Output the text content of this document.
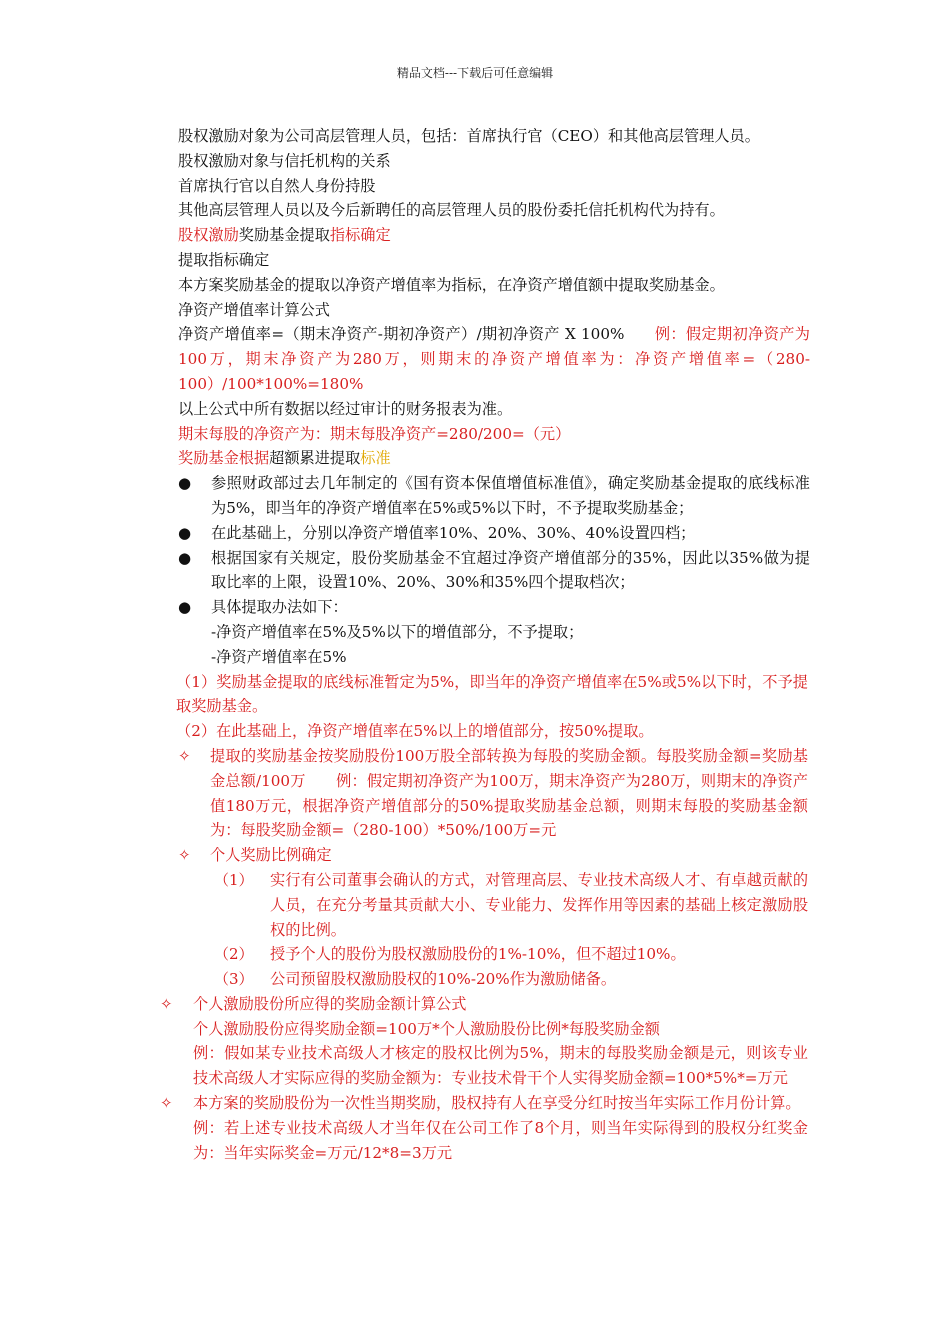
精品文档---下载后可任意编辑
股权激励对象为公司高层管理人员，包括：首席执行官（CEO）和其他高层管理人员。
股权激励对象与信托机构的关系
首席执行官以自然人身份持股
其他高层管理人员以及今后新聘任的高层管理人员的股份委托信托机构代为持有。
股权激励奖励基金提取指标确定
提取指标确定
本方案奖励基金的提取以净资产增值率为指标，在净资产增值额中提取奖励基金。
净资产增值率计算公式
净资产增值率=（期末净资产-期初净资产）/期初净资产 X 100% 例：假定期初净资产为100万，期末净资产为280万，则期末的净资产增值率为：净资产增值率=（280-100）/100*100%=180%
以上公式中所有数据以经过审计的财务报表为准。
期末每股的净资产为：期末每股净资产=280/200=（元）
奖励基金根据超额累进提取标准
● 参照财政部过去几年制定的《国有资本保值增值标准值》，确定奖励基金提取的底线标准为5%，即当年的净资产增值率在5%或5%以下时，不予提取奖励基金；
● 在此基础上，分别以净资产增值率10%、20%、30%、40%设置四档；
● 根据国家有关规定，股份奖励基金不宜超过净资产增值部分的35%，因此以35%做为提取比率的上限，设置10%、20%、30%和35%四个提取档次；
● 具体提取办法如下：
-净资产增值率在5%及5%以下的增值部分，不予提取；
-净资产增值率在5%
（1）奖励基金提取的底线标准暂定为5%，即当年的净资产增值率在5%或5%以下时，不予提取奖励基金。
（2）在此基础上，净资产增值率在5%以上的增值部分，按50%提取。
✧ 提取的奖励基金按奖励股份100万股全部转换为每股的奖励金额。每股奖励金额=奖励基金总额/100万　　例：假定期初净资产为100万，期末净资产为280万，则期末的净资产值180万元，根据净资产增值部分的50%提取奖励基金总额，则期末每股的奖励基金额为：每股奖励金额=（280-100）*50%/100万=元
✧ 个人奖励比例确定
（1） 实行有公司董事会确认的方式，对管理高层、专业技术高级人才、有卓越贡献的人员，在充分考量其贡献大小、专业能力、发挥作用等因素的基础上核定激励股权的比例。
（2） 授予个人的股份为股权激励股份的1%-10%，但不超过10%。
（3） 公司预留股权激励股权的10%-20%作为激励储备。
✧ 个人激励股份所应得的奖励金额计算公式
个人激励股份应得奖励金额=100万*个人激励股份比例*每股奖励金额
例：假如某专业技术高级人才核定的股权比例为5%，期末的每股奖励金额是元，则该专业技术高级人才实际应得的奖励金额为：专业技术骨干个人实得奖励金额=100*5%*=万元
✧ 本方案的奖励股份为一次性当期奖励，股权持有人在享受分红时按当年实际工作月份计算。
例：若上述专业技术高级人才当年仅在公司工作了8个月，则当年实际得到的股权分红奖金为：当年实际奖金=万元/12*8=3万元
